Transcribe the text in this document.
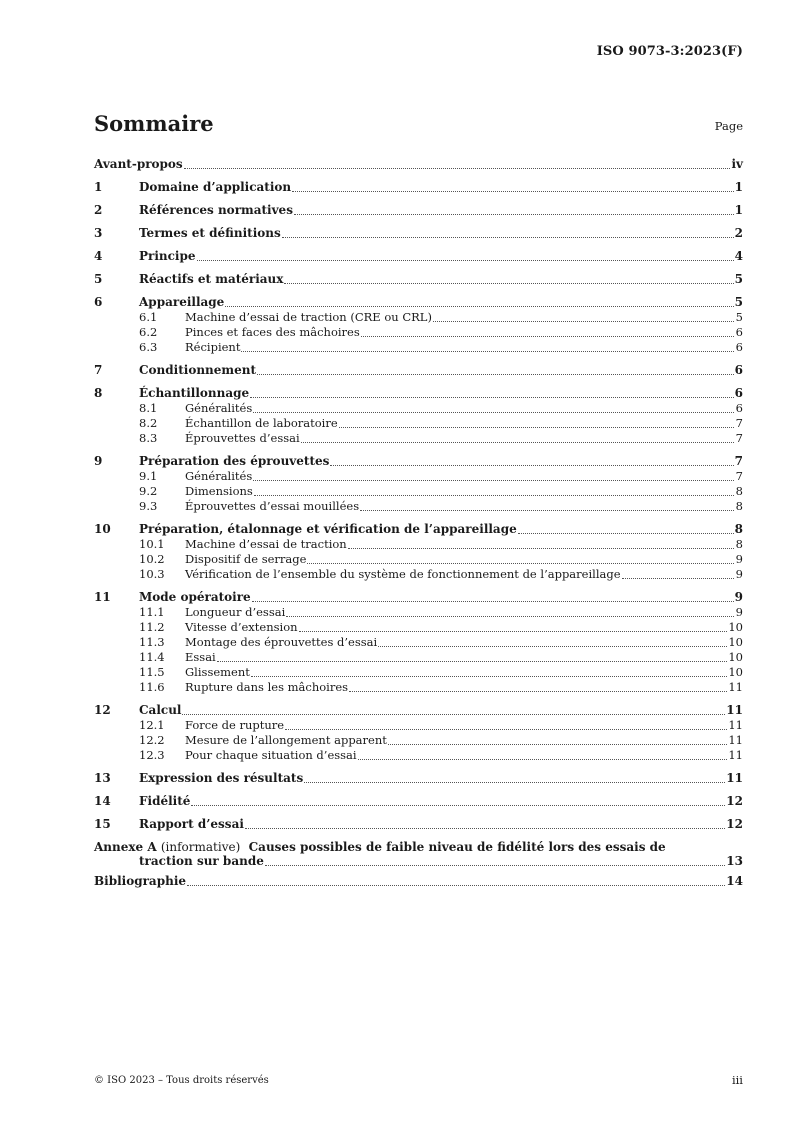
ISO 9073-3:2023(F)
Sommaire	Page
Avant-propos	iv
1	Domaine d’application	1
2	Références normatives	1
3	Termes et définitions	2
4	Principe	4
5	Réactifs et matériaux	5
6	Appareillage	5
6.1	Machine d’essai de traction (CRE ou CRL)	5
6.2	Pinces et faces des mâchoires	6
6.3	Récipient	6
7	Conditionnement	6
8	Échantillonnage	6
8.1	Généralités	6
8.2	Échantillon de laboratoire	7
8.3	Éprouvettes d’essai	7
9	Préparation des éprouvettes	7
9.1	Généralités	7
9.2	Dimensions	8
9.3	Éprouvettes d’essai mouillées	8
10	Préparation, étalonnage et vérification de l’appareillage	8
10.1	Machine d’essai de traction	8
10.2	Dispositif de serrage	9
10.3	Vérification de l’ensemble du système de fonctionnement de l’appareillage	9
11	Mode opératoire	9
11.1	Longueur d’essai	9
11.2	Vitesse d’extension	10
11.3	Montage des éprouvettes d’essai	10
11.4	Essai	10
11.5	Glissement	10
11.6	Rupture dans les mâchoires	11
12	Calcul	11
12.1	Force de rupture	11
12.2	Mesure de l’allongement apparent	11
12.3	Pour chaque situation d’essai	11
13	Expression des résultats	11
14	Fidélité	12
15	Rapport d’essai	12
Annexe A
(informative)
Causes possibles de faible niveau de fidélité lors des essais de
traction sur bande	13
Bibliographie	14
© ISO 2023 – Tous droits réservés	iii
